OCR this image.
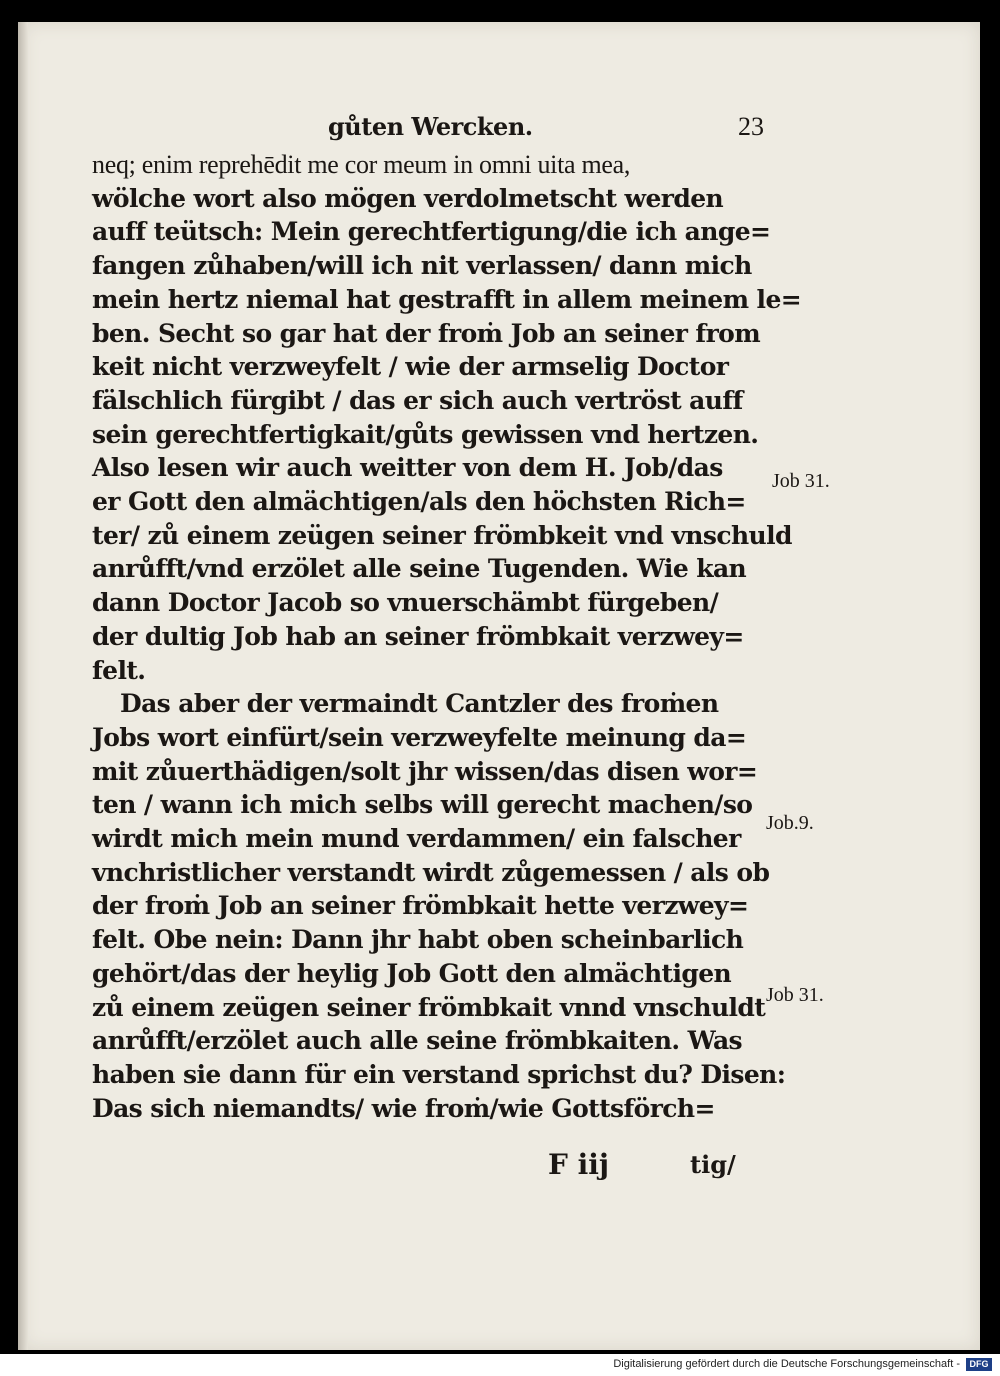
gůten Wercken.	23
neq; enim reprehēdit me cor meum in omni uita mea,
wölche wort also mögen verdolmetscht werden
auff teütsch: Mein gerechtfertigung/die ich ange=
fangen zůhaben/will ich nit verlassen/ dann mich
mein hertz niemal hat gestrafft in allem meinem le=
ben. Secht so gar hat der froṁ Job an seiner from
keit nicht verzweyfelt / wie der armselig Doctor
fälschlich fürgibt / das er sich auch vertröst auff
sein gerechtfertigkait/gůts gewissen vnd hertzen.
Also lesen wir auch weitter von dem H. Job/das
er Gott den almächtigen/als den höchsten Rich=
ter/ zů einem zeügen seiner frömbkeit vnd vnschuld
anrůfft/vnd erzölet alle seine Tugenden. Wie kan
dann Doctor Jacob so vnuerschämbt fürgeben/
der dultig Job hab an seiner frömbkait verzwey=
felt.
Das aber der vermaindt Cantzler des froṁen
Jobs wort einfürt/sein verzweyfelte meinung da=
mit zůuerthädigen/solt jhr wissen/das disen wor=
ten / wann ich mich selbs will gerecht machen/so
wirdt mich mein mund verdammen/ ein falscher
vnchristlicher verstandt wirdt zůgemessen / als ob
der froṁ Job an seiner frömbkait hette verzwey=
felt. Obe nein: Dann jhr habt oben scheinbarlich
gehört/das der heylig Job Gott den almächtigen
zů einem zeügen seiner frömbkait vnnd vnschuldt
anrůfft/erzölet auch alle seine frömbkaiten. Was
haben sie dann für ein verstand sprichst du? Disen:
Das sich niemandts/ wie froṁ/wie Gottsförch=
Job 31.
Job.9.
Job 31.
F iij	tig/
Digitalisierung gefördert durch die Deutsche Forschungsgemeinschaft -	DFG
